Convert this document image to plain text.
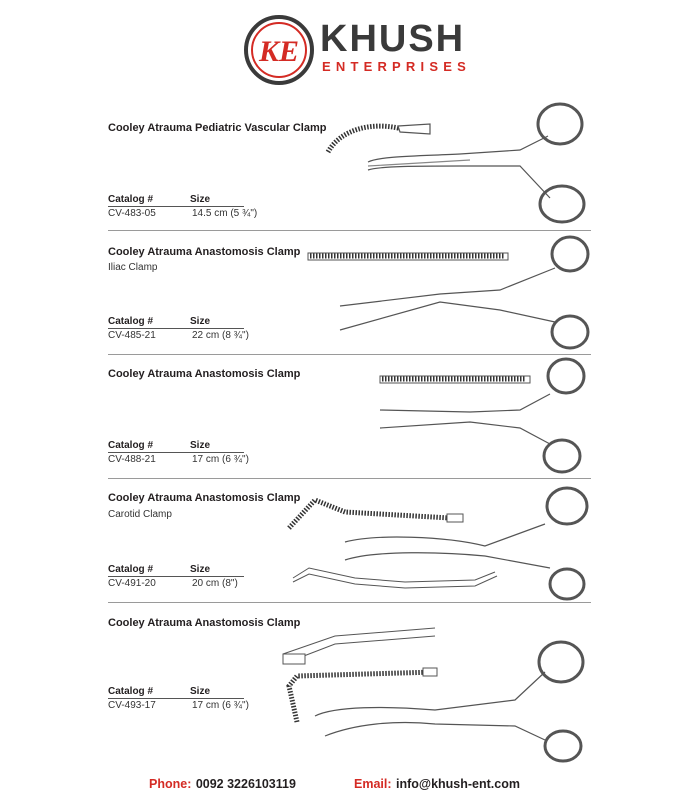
KE KHUSH
ENTERPRISES
Cooley Atrauma Pediatric Vascular Clamp
Catalog #	Size
CV-483-05	14.5 cm (5 ¾")
Cooley Atrauma Anastomosis Clamp
Iliac Clamp
Catalog #	Size
CV-485-21	22 cm (8 ¾")
Cooley Atrauma Anastomosis Clamp
Catalog #	Size
CV-488-21	17 cm (6 ¾")
Cooley Atrauma Anastomosis Clamp
Carotid Clamp
Catalog #	Size
CV-491-20	20 cm (8")
Cooley Atrauma Anastomosis Clamp
Catalog #	Size
CV-493-17	17 cm (6 ¾")
Phone: 0092 3226103119	Email: info@khush-ent.com
